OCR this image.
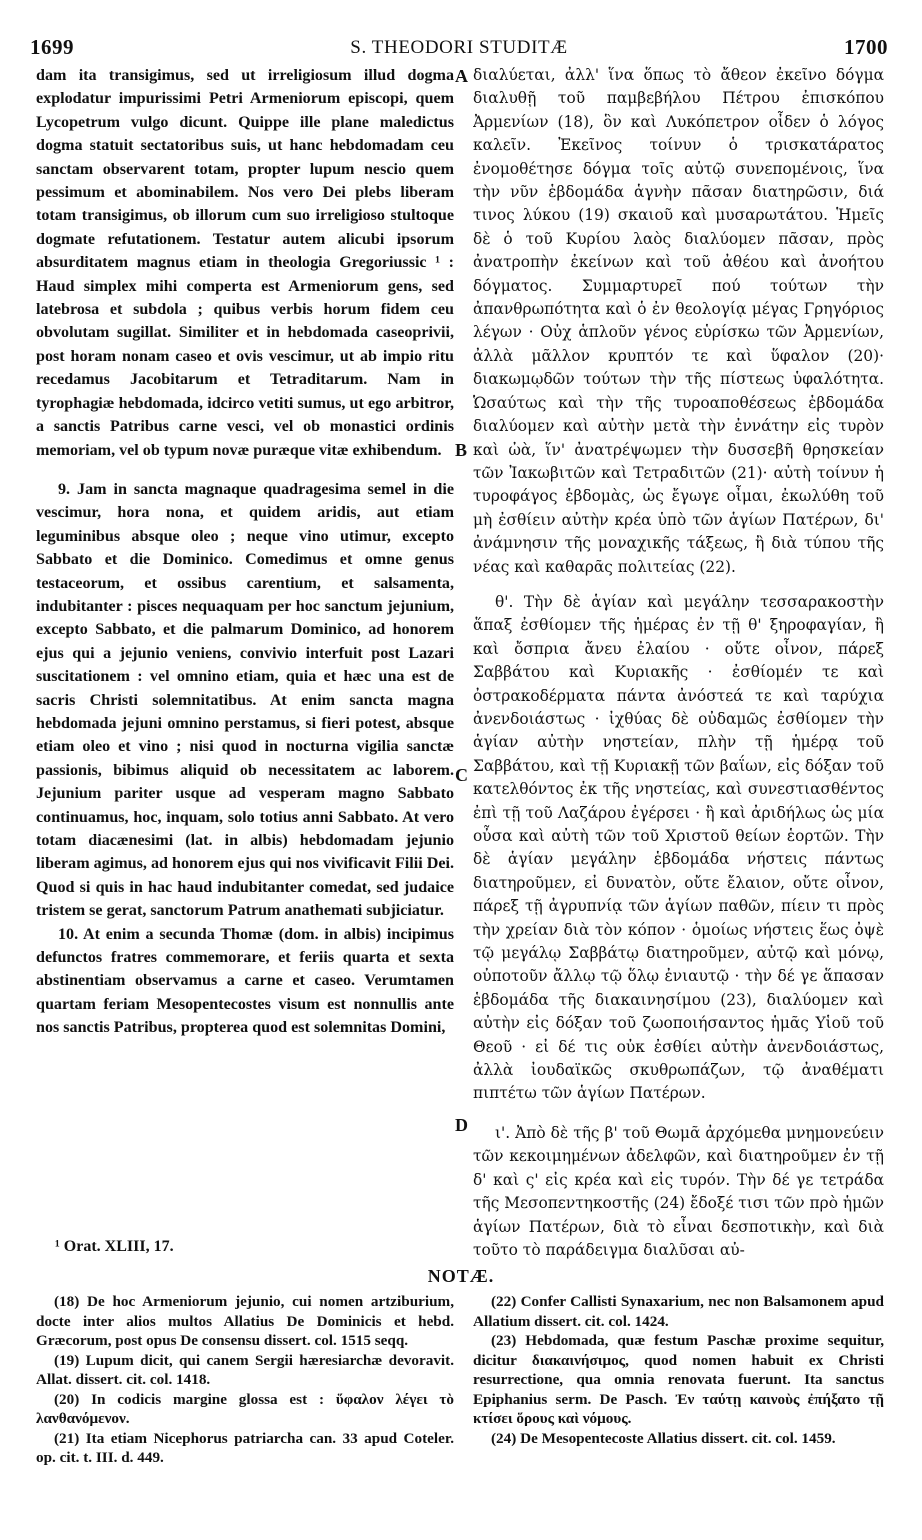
1699	S. THEODORI STUDITÆ	1700

dam ita transigimus, sed ut irreligiosum illud dogma explodatur impurissimi Petri Armeniorum episcopi, quem Lycopetrum vulgo dicunt. Quippe ille plane maledictus dogma statuit sectatoribus suis, ut hanc hebdomadam ceu sanctam observarent totam, propter lupum nescio quem pessimum et abominabilem. Nos vero Dei plebs liberam totam transigimus, ob illorum cum suo irreligioso stultoque dogmate refutationem. Testatur autem alicubi ipsorum absurditatem magnus etiam in theologia Gregoriussic ¹ : Haud simplex mihi comperta est Armeniorum gens, sed latebrosa et subdola ; quibus verbis horum fidem ceu obvolutam sugillat. Similiter et in hebdomada caseoprivii, post horam nonam caseo et ovis vescimur, ut ab impio ritu recedamus Jacobitarum et Tetraditarum. Nam in tyrophagiæ hebdomada, idcirco vetiti sumus, ut ego arbitror, a sanctis Patribus carne vesci, vel ob monastici ordinis memoriam, vel ob typum novæ puræque vitæ exhibendum.

9. Jam in sancta magnaque quadragesima semel in die vescimur, hora nona, et quidem aridis, aut etiam leguminibus absque oleo ; neque vino utimur, excepto Sabbato et die Dominico. Comedimus et omne genus testaceorum, et ossibus carentium, et salsamenta, indubitanter : pisces nequaquam per hoc sanctum jejunium, excepto Sabbato, et die palmarum Dominico, ad honorem ejus qui a jejunio veniens, convivio interfuit post Lazari suscitationem : vel omnino etiam, quia et hæc una est de sacris Christi solemnitatibus. At enim sancta magna hebdomada jejuni omnino perstamus, si fieri potest, absque etiam oleo et vino ; nisi quod in nocturna vigilia sanctæ passionis, bibimus aliquid ob necessitatem ac laborem. Jejunium pariter usque ad vesperam magno Sabbato continuamus, hoc, inquam, solo totius anni Sabbato. At vero totam diacænesimi (lat. in albis) hebdomadam jejunio liberam agimus, ad honorem ejus qui nos vivificavit Filii Dei. Quod si quis in hac haud indubitanter comedat, sed judaice tristem se gerat, sanctorum Patrum anathemati subjiciatur.

10. At enim a secunda Thomæ (dom. in albis) incipimus defunctos fratres commemorare, et feriis quarta et sexta abstinentiam observamus a carne et caseo. Verumtamen quartam feriam Mesopentecostes visum est nonnullis ante nos sanctis Patribus, propterea quod est solemnitas Domini,

διαλύεται, ἀλλ' ἵνα ὅπως τὸ ἄθεον ἐκεῖνο δόγμα διαλυθῇ τοῦ παμβεβήλου Πέτρου ἐπισκόπου Ἀρμενίων (18), ὃν καὶ Λυκόπετρον οἶδεν ὁ λόγος καλεῖν. Ἐκεῖνος τοίνυν ὁ τρισκατάρατος ἐνομοθέτησε δόγμα τοῖς αὐτῷ συνεπομένοις, ἵνα τὴν νῦν ἑβδομάδα ἁγνὴν πᾶσαν διατηρῶσιν, διά τινος λύκου (19) σκαιοῦ καὶ μυσαρωτάτου. Ἡμεῖς δὲ ὁ τοῦ Κυρίου λαὸς διαλύομεν πᾶσαν, πρὸς ἀνατροπὴν ἐκείνων καὶ τοῦ ἀθέου καὶ ἀνοήτου δόγματος. Συμμαρτυρεῖ πού τούτων τὴν ἀπανθρωπότητα καὶ ὁ ἐν θεολογίᾳ μέγας Γρηγόριος λέγων · Οὐχ ἁπλοῦν γένος εὑρίσκω τῶν Ἀρμενίων, ἀλλὰ μᾶλλον κρυπτόν τε καὶ ὕφαλον (20)· διακωμῳδῶν τούτων τὴν τῆς πίστεως ὑφαλότητα. Ὡσαύτως καὶ τὴν τῆς τυροαποθέσεως ἑβδομάδα διαλύομεν καὶ αὐτὴν μετὰ τὴν ἐννάτην εἰς τυρὸν καὶ ὠὰ, ἵν' ἀνατρέψωμεν τὴν δυσσεβῆ θρησκείαν τῶν Ἰακωβιτῶν καὶ Τετραδιτῶν (21)· αὐτὴ τοίνυν ἡ τυροφάγος ἑβδομὰς, ὡς ἔγωγε οἶμαι, ἐκωλύθη τοῦ μὴ ἐσθίειν αὐτὴν κρέα ὑπὸ τῶν ἁγίων Πατέρων, δι' ἀνάμνησιν τῆς μοναχικῆς τάξεως, ἢ διὰ τύπου τῆς νέας καὶ καθαρᾶς πολιτείας (22).

θ'. Τὴν δὲ ἁγίαν καὶ μεγάλην τεσσαρακοστὴν ἅπαξ ἐσθίομεν τῆς ἡμέρας ἐν τῇ θ' ξηροφαγίαν, ἢ καὶ ὄσπρια ἄνευ ἐλαίου · οὔτε οἶνον, πάρεξ Σαββάτου καὶ Κυριακῆς · ἐσθίομέν τε καὶ ὀστρακοδέρματα πάντα ἀνόστεά τε καὶ ταρύχια ἀνενδοιάστως · ἰχθύας δὲ οὐδαμῶς ἐσθίομεν τὴν ἁγίαν αὐτὴν νηστείαν, πλὴν τῇ ἡμέρᾳ τοῦ Σαββάτου, καὶ τῇ Κυριακῇ τῶν βαΐων, εἰς δόξαν τοῦ κατελθόντος ἐκ τῆς νηστείας, καὶ συνεστιασθέντος ἐπὶ τῇ τοῦ Λαζάρου ἐγέρσει · ἢ καὶ ἀριδήλως ὡς μία οὖσα καὶ αὐτὴ τῶν τοῦ Χριστοῦ θείων ἑορτῶν. Τὴν δὲ ἁγίαν μεγάλην ἑβδομάδα νήστεις πάντως διατηροῦμεν, εἰ δυνατὸν, οὔτε ἔλαιον, οὔτε οἶνον, πάρεξ τῇ ἀγρυπνίᾳ τῶν ἁγίων παθῶν, πίειν τι πρὸς τὴν χρείαν διὰ τὸν κόπον · ὁμοίως νήστεις ἕως ὀψὲ τῷ μεγάλῳ Σαββάτῳ διατηροῦμεν, αὐτῷ καὶ μόνῳ, οὐποτοῦν ἄλλῳ τῷ ὅλῳ ἐνιαυτῷ · τὴν δέ γε ἅπασαν ἑβδομάδα τῆς διακαινησίμου (23), διαλύομεν καὶ αὐτὴν εἰς δόξαν τοῦ ζωοποιήσαντος ἡμᾶς Υἱοῦ τοῦ Θεοῦ · εἰ δέ τις οὐκ ἐσθίει αὐτὴν ἀνενδοιάστως, ἀλλὰ ἰουδαϊκῶς σκυθρωπάζων, τῷ ἀναθέματι πιπτέτω τῶν ἁγίων Πατέρων.

ι'. Ἀπὸ δὲ τῆς β' τοῦ Θωμᾶ ἀρχόμεθα μνημονεύειν τῶν κεκοιμημένων ἀδελφῶν, καὶ διατηροῦμεν ἐν τῇ δ' καὶ ς' εἰς κρέα καὶ εἰς τυρόν. Τὴν δέ γε τετράδα τῆς Μεσοπεντηκοστῆς (24) ἔδοξέ τισι τῶν πρὸ ἡμῶν ἁγίων Πατέρων, διὰ τὸ εἶναι δεσποτικὴν, καὶ διὰ τοῦτο τὸ παράδειγμα διαλῦσαι αὐ-

A
B
C
D
¹ Orat. XLIII, 17.
NOTÆ.

(18) De hoc Armeniorum jejunio, cui nomen artziburium, docte inter alios multos Allatius De Dominicis et hebd. Græcorum, post opus De consensu dissert. col. 1515 seqq.

(19) Lupum dicit, qui canem Sergii hæresiarchæ devoravit. Allat. dissert. cit. col. 1418.

(20) In codicis margine glossa est : ὕφαλον λέγει τὸ λανθανόμενον.

(21) Ita etiam Nicephorus patriarcha can. 33 apud Coteler. op. cit. t. III. d. 449.

(22) Confer Callisti Synaxarium, nec non Balsamonem apud Allatium dissert. cit. col. 1424.

(23) Hebdomada, quæ festum Paschæ proxime sequitur, dicitur διακαινήσιμος, quod nomen habuit ex Christi resurrectione, qua omnia renovata fuerunt. Ita sanctus Epiphanius serm. De Pasch. Ἐν ταύτῃ καινοὺς ἐπήξατο τῇ κτίσει ὅρους καὶ νόμους.

(24) De Mesopentecoste Allatius dissert. cit. col. 1459.
